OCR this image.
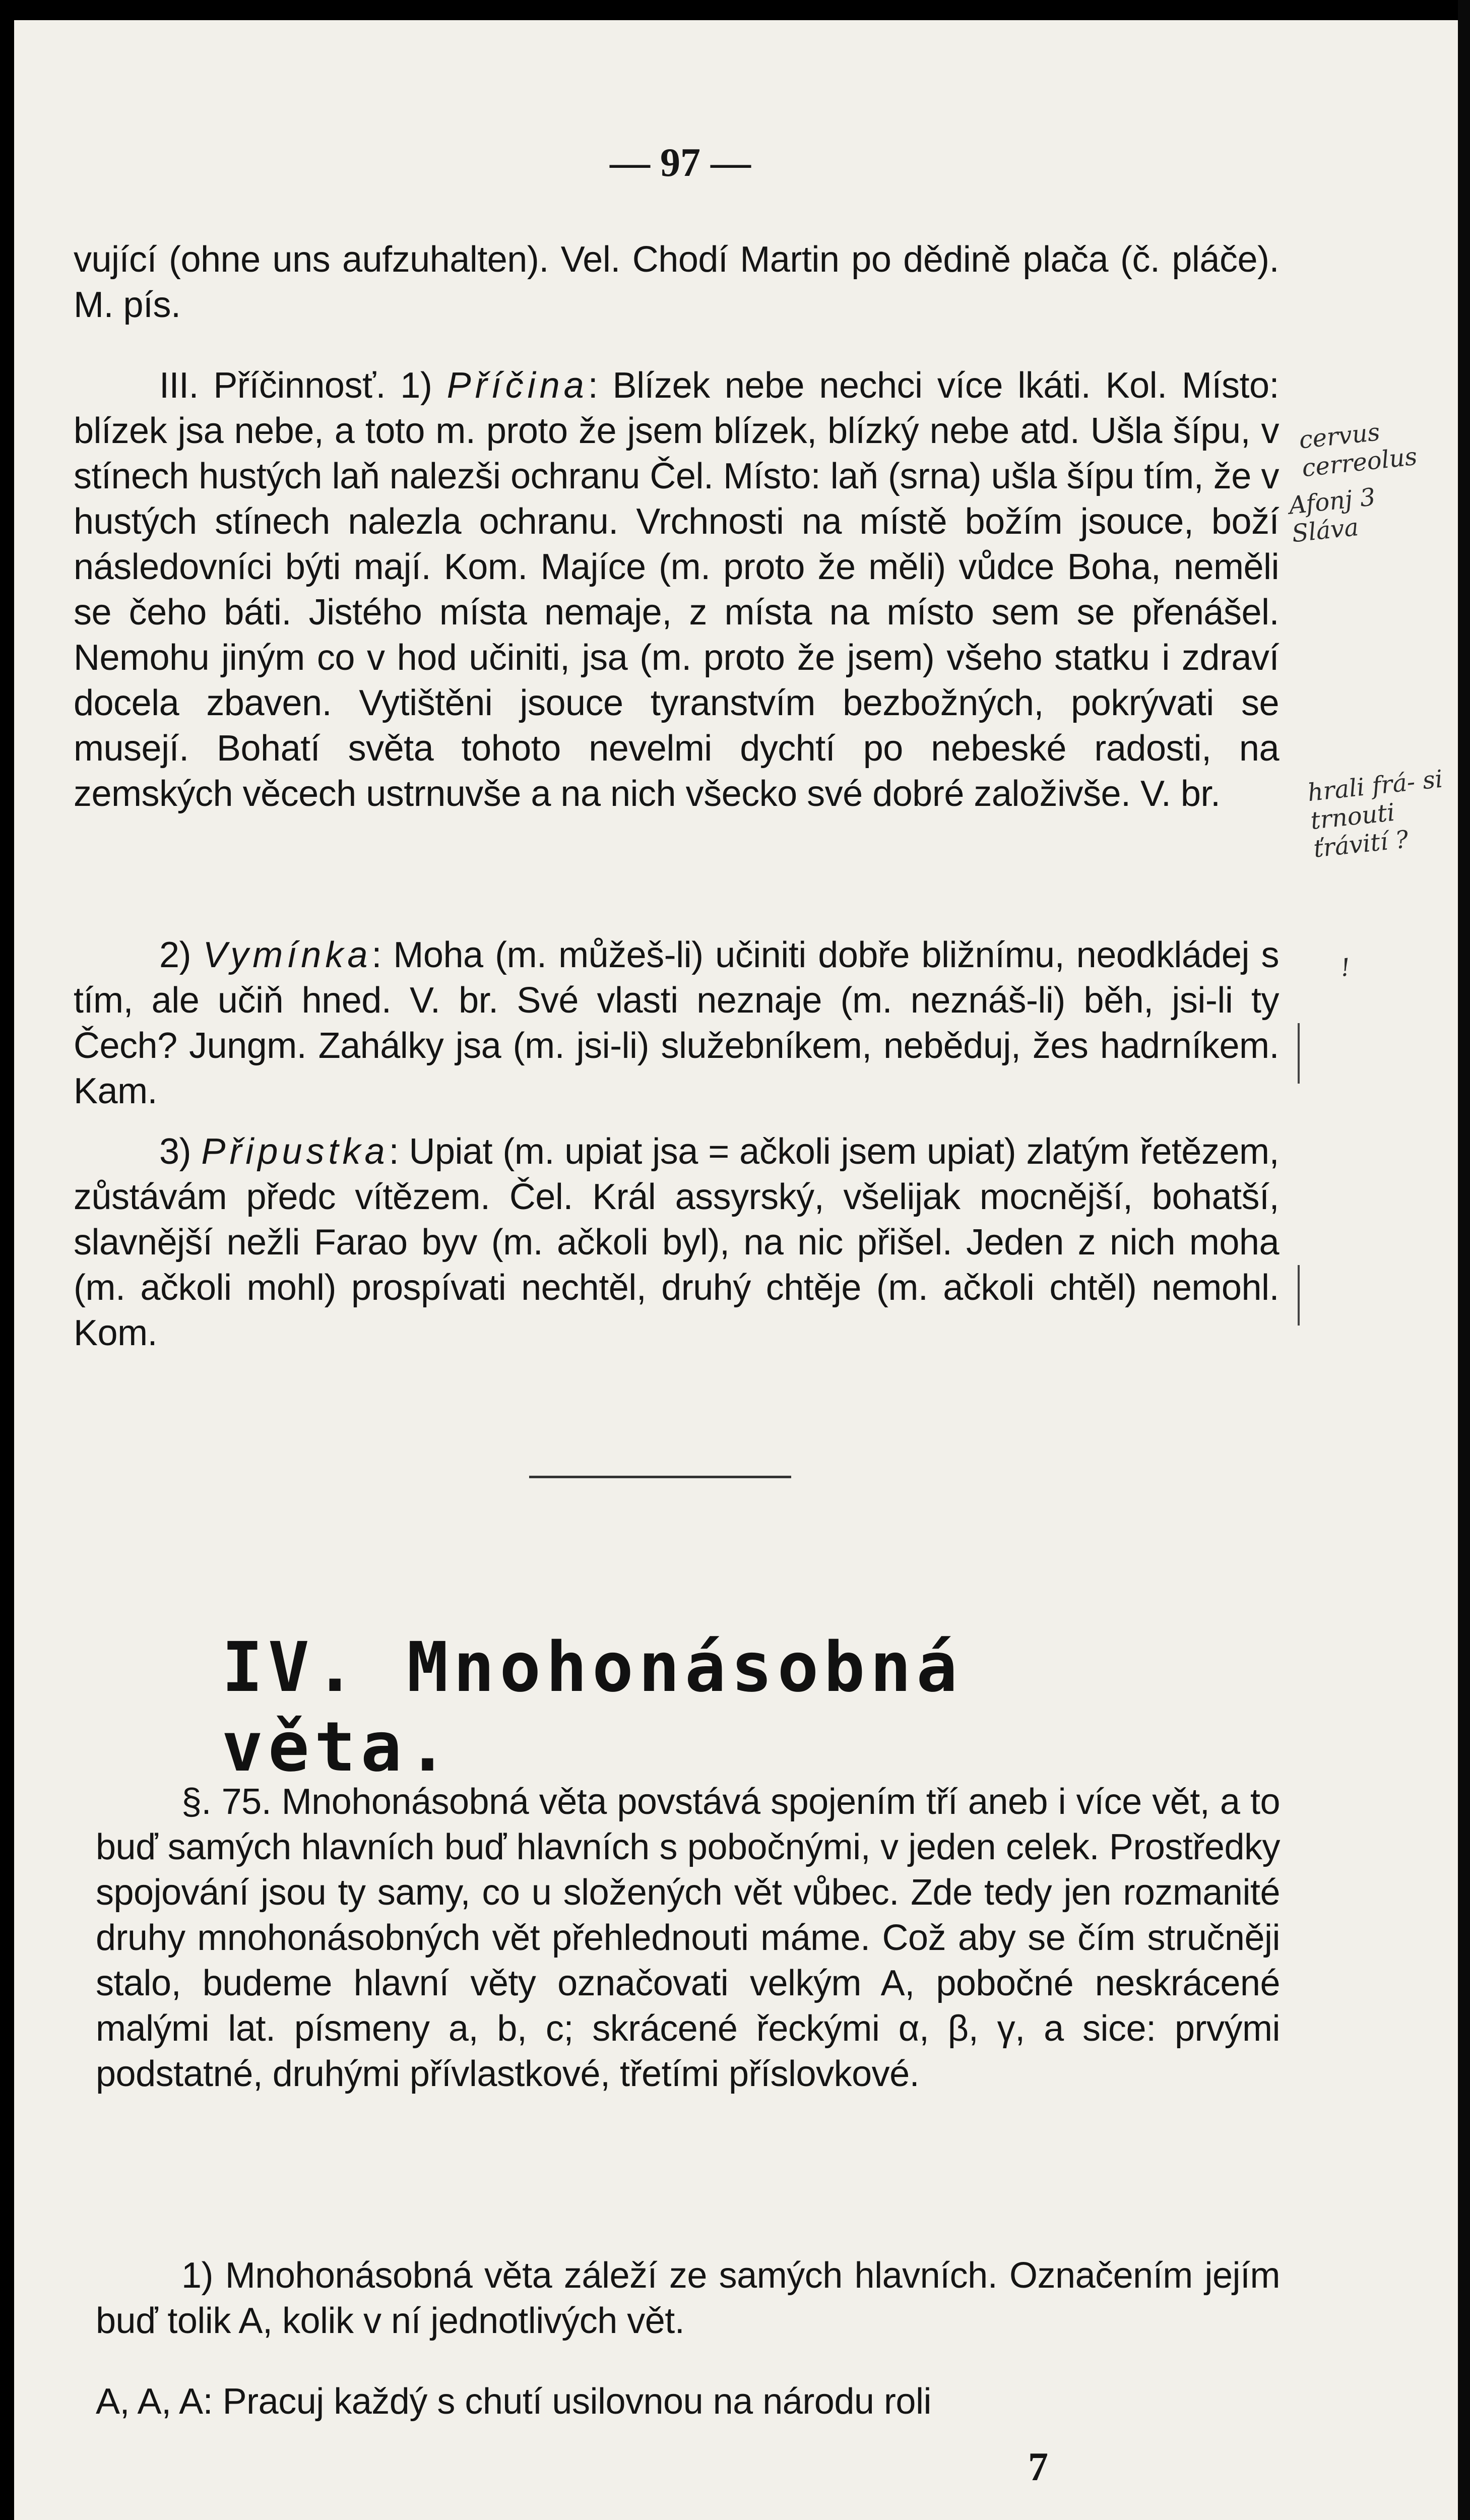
— 97 —

vující (ohne uns aufzuhalten). Vel. Chodí Martin po dědině plača (č. pláče). M. pís.

III. Příčinnosť. 1) Příčina: Blízek nebe nechci více lkáti. Kol. Místo: blízek jsa nebe, a toto m. proto že jsem blízek, blízký nebe atd. Ušla šípu, v stínech hustých laň nalezši ochranu Čel. Místo: laň (srna) ušla šípu tím, že v hustých stínech nalezla ochranu. Vrchnosti na místě božím jsouce, boží následovníci býti mají. Kom. Majíce (m. proto že měli) vůdce Boha, neměli se čeho báti. Jistého místa nemaje, z místa na místo sem se přenášel. Nemohu jiným co v hod učiniti, jsa (m. proto že jsem) všeho statku i zdraví docela zbaven. Vytištěni jsouce tyranstvím bezbožných, pokrývati se musejí. Bohatí světa tohoto nevelmi dychtí po nebeské radosti, na zemských věcech ustrnuvše a na nich všecko své dobré založivše. V. br.

2) Vymínka: Moha (m. můžeš-li) učiniti dobře bližnímu, neodkládej s tím, ale učiň hned. V. br. Své vlasti neznaje (m. neznáš-li) běh, jsi-li ty Čech? Jungm. Zahálky jsa (m. jsi-li) služebníkem, neběduj, žes hadrníkem. Kam.

3) Připustka: Upiat (m. upiat jsa = ačkoli jsem upiat) zlatým řetězem, zůstávám předc vítězem. Čel. Král assyrský, všelijak mocnější, bohatší, slavnější nežli Farao byv (m. ačkoli byl), na nic přišel. Jeden z nich moha (m. ačkoli mohl) prospívati nechtěl, druhý chtěje (m. ačkoli chtěl) nemohl. Kom.

IV. Mnohonásobná věta.

§. 75. Mnohonásobná věta povstává spojením tří aneb i více vět, a to buď samých hlavních buď hlavních s pobočnými, v jeden celek. Prostředky spojování jsou ty samy, co u složených vět vůbec. Zde tedy jen rozmanité druhy mnohonásobných vět přehlednouti máme. Což aby se čím stručněji stalo, budeme hlavní věty označovati velkým A, pobočné neskrácené malými lat. písmeny a, b, c; skrácené řeckými α, β, γ, a sice: prvými podstatné, druhými přívlastkové, třetími příslovkové.

1) Mnohonásobná věta záleží ze samých hlavních. Označením jejím buď tolik A, kolik v ní jednotlivých vět.

A, A, A: Pracuj každý s chutí usilovnou na národu roli

7
cervus cerreolus
Afonj 3 Sláva
hrali frá- si trnouti ťrávití ?
!
